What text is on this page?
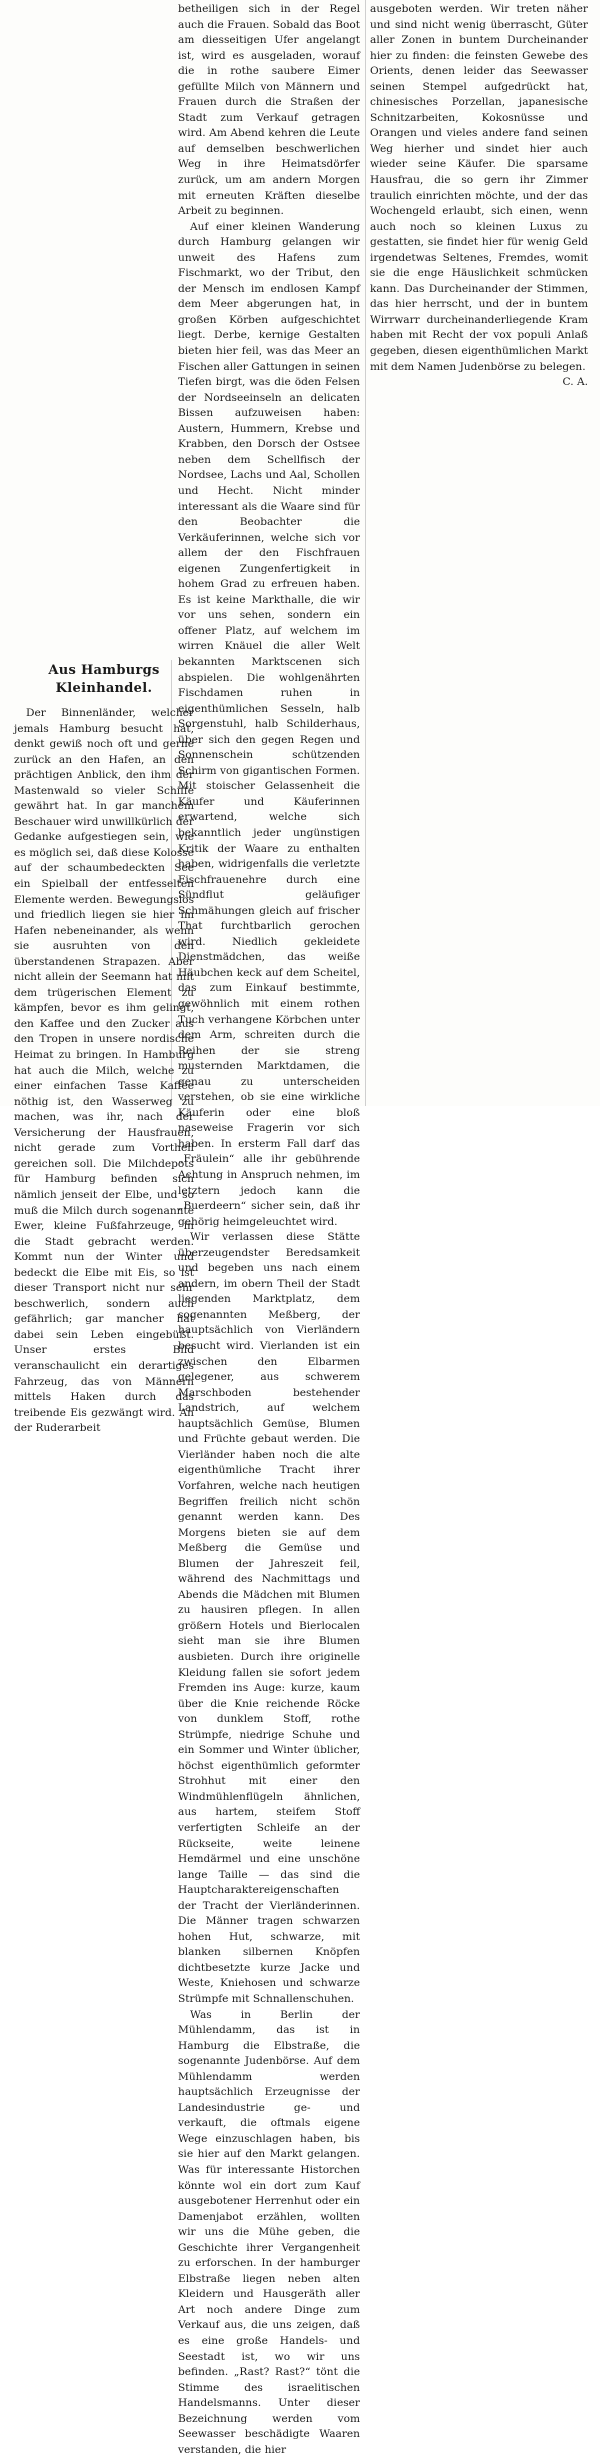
Aus Hamburgs Kleinhandel.

Der Binnenländer, welcher jemals Hamburg besucht hat, denkt gewiß noch oft und gerne zurück an den Hafen, an den prächtigen Anblick, den ihm der Mastenwald so vieler Schiffe gewährt hat. In gar manchem Beschauer wird unwillkürlich der Gedanke aufgestiegen sein, wie es möglich sei, daß diese Kolosse auf der schaumbedeckten See ein Spielball der entfesselten Elemente werden. Bewegungslos und friedlich liegen sie hier im Hafen nebeneinander, als wenn sie ausruhten von den überstandenen Strapazen. Aber nicht allein der Seemann hat mit dem trügerischen Element zu kämpfen, bevor es ihm gelingt, den Kaffee und den Zucker aus den Tropen in unsere nordische Heimat zu bringen. In Hamburg hat auch die Milch, welche zu einer einfachen Tasse Kaffee nöthig ist, den Wasserweg zu machen, was ihr, nach der Versicherung der Hausfrauen, nicht gerade zum Vortheil gereichen soll. Die Milchdepots für Hamburg befinden sich nämlich jenseit der Elbe, und so muß die Milch durch sogenannte Ewer, kleine Fußfahrzeuge, in die Stadt gebracht werden. Kommt nun der Winter und bedeckt die Elbe mit Eis, so ist dieser Transport nicht nur sehr beschwerlich, sondern auch gefährlich; gar mancher hat dabei sein Leben eingebüßt. Unser erstes Bild veranschaulicht ein derartiges Fahrzeug, das von Männern mittels Haken durch das treibende Eis gezwängt wird. An der Ruderarbeit

betheiligen sich in der Regel auch die Frauen. Sobald das Boot am diesseitigen Ufer angelangt ist, wird es ausgeladen, worauf die in rothe saubere Eimer gefüllte Milch von Männern und Frauen durch die Straßen der Stadt zum Verkauf getragen wird. Am Abend kehren die Leute auf demselben beschwerlichen Weg in ihre Heimatsdörfer zurück, um am andern Morgen mit erneuten Kräften dieselbe Arbeit zu beginnen.

Auf einer kleinen Wanderung durch Hamburg gelangen wir unweit des Hafens zum Fischmarkt, wo der Tribut, den der Mensch im endlosen Kampf dem Meer abgerungen hat, in großen Körben aufgeschichtet liegt. Derbe, kernige Gestalten bieten hier feil, was das Meer an Fischen aller Gattungen in seinen Tiefen birgt, was die öden Felsen der Nordseeinseln an delicaten Bissen aufzuweisen haben: Austern, Hummern, Krebse und Krabben, den Dorsch der Ostsee neben dem Schellfisch der Nordsee, Lachs und Aal, Schollen und Hecht. Nicht minder interessant als die Waare sind für den Beobachter die Verkäuferinnen, welche sich vor allem der den Fischfrauen eigenen Zungenfertigkeit in hohem Grad zu erfreuen haben. Es ist keine Markthalle, die wir vor uns sehen, sondern ein offener Platz, auf welchem im wirren Knäuel die aller Welt bekannten Marktscenen sich abspielen. Die wohlgenährten Fischdamen ruhen in eigenthümlichen Sesseln, halb Sorgenstuhl, halb Schilderhaus, über sich den gegen Regen und Sonnenschein schützenden Schirm von gigantischen Formen. Mit stoischer Gelassenheit die Käufer und Käuferinnen erwartend, welche sich bekanntlich jeder ungünstigen Kritik der Waare zu enthalten haben, widrigenfalls die verletzte Fischfrauenehre durch eine Sündflut geläufiger Schmähungen gleich auf frischer That furchtbarlich gerochen wird. Niedlich gekleidete Dienstmädchen, das weiße Häubchen keck auf dem Scheitel, das zum Einkauf bestimmte, gewöhnlich mit einem rothen Tuch verhangene Körbchen unter dem Arm, schreiten durch die Reihen der sie streng musternden Marktdamen, die genau zu unterscheiden verstehen, ob sie eine wirkliche Käuferin oder eine bloß naseweise Fragerin vor sich haben. In ersterm Fall darf das „Fräulein“ alle ihr gebührende Achtung in Anspruch nehmen, im letztern jedoch kann die „Buerdeern“ sicher sein, daß ihr gehörig heimgeleuchtet wird.

Wir verlassen diese Stätte überzeugendster Beredsamkeit und begeben uns nach einem andern, im obern Theil der Stadt liegenden Marktplatz, dem sogenannten Meßberg, der hauptsächlich von Vierländern besucht wird. Vierlanden ist ein zwischen den Elbarmen gelegener, aus schwerem Marschboden bestehender Landstrich, auf welchem hauptsächlich Gemüse, Blumen und Früchte gebaut werden. Die Vierländer haben noch die alte eigenthümliche Tracht ihrer Vorfahren, welche nach heutigen Begriffen freilich nicht schön genannt werden kann. Des Morgens bieten sie auf dem Meßberg die Gemüse und Blumen der Jahreszeit feil, während des Nachmittags und Abends die Mädchen mit Blumen zu hausiren pflegen. In allen größern Hotels und Bierlocalen sieht man sie ihre Blumen ausbieten. Durch ihre originelle Kleidung fallen sie sofort jedem Fremden ins Auge: kurze, kaum über die Knie reichende Röcke von dunklem Stoff, rothe Strümpfe, niedrige Schuhe und ein Sommer und Winter üblicher, höchst eigenthümlich geformter Strohhut mit einer den Windmühlenflügeln ähnlichen, aus hartem, steifem Stoff verfertigten Schleife an der Rückseite, weite leinene Hemdärmel und eine unschöne lange Taille — das sind die Hauptcharaktereigenschaften der Tracht der Vierländerinnen. Die Männer tragen schwarzen hohen Hut, schwarze, mit blanken silbernen Knöpfen dichtbesetzte kurze Jacke und Weste, Kniehosen und schwarze Strümpfe mit Schnallenschuhen.

Was in Berlin der Mühlendamm, das ist in Hamburg die Elbstraße, die sogenannte Judenbörse. Auf dem Mühlendamm werden hauptsächlich Erzeugnisse der Landesindustrie ge- und verkauft, die oftmals eigene Wege einzuschlagen haben, bis sie hier auf den Markt gelangen. Was für interessante Historchen könnte wol ein dort zum Kauf ausgebotener Herrenhut oder ein Damenjabot erzählen, wollten wir uns die Mühe geben, die Geschichte ihrer Vergangenheit zu erforschen. In der hamburger Elbstraße liegen neben alten Kleidern und Hausgeräth aller Art noch andere Dinge zum Verkauf aus, die uns zeigen, daß es eine große Handels- und Seestadt ist, wo wir uns befinden. „Rast? Rast?“ tönt die Stimme des israelitischen Handelsmanns. Unter dieser Bezeichnung werden vom Seewasser beschädigte Waaren verstanden, die hier

ausgeboten werden. Wir treten näher und sind nicht wenig überrascht, Güter aller Zonen in buntem Durcheinander hier zu finden: die feinsten Gewebe des Orients, denen leider das Seewasser seinen Stempel aufgedrückt hat, chinesisches Porzellan, japanesische Schnitzarbeiten, Kokosnüsse und Orangen und vieles andere fand seinen Weg hierher und sindet hier auch wieder seine Käufer. Die sparsame Hausfrau, die so gern ihr Zimmer traulich einrichten möchte, und der das Wochengeld erlaubt, sich einen, wenn auch noch so kleinen Luxus zu gestatten, sie findet hier für wenig Geld irgendetwas Seltenes, Fremdes, womit sie die enge Häuslichkeit schmücken kann. Das Durcheinander der Stimmen, das hier herrscht, und der in buntem Wirrwarr durcheinanderliegende Kram haben mit Recht der vox populi Anlaß gegeben, diesen eigenthümlichen Markt mit dem Namen Judenbörse zu belegen.

C. A.
